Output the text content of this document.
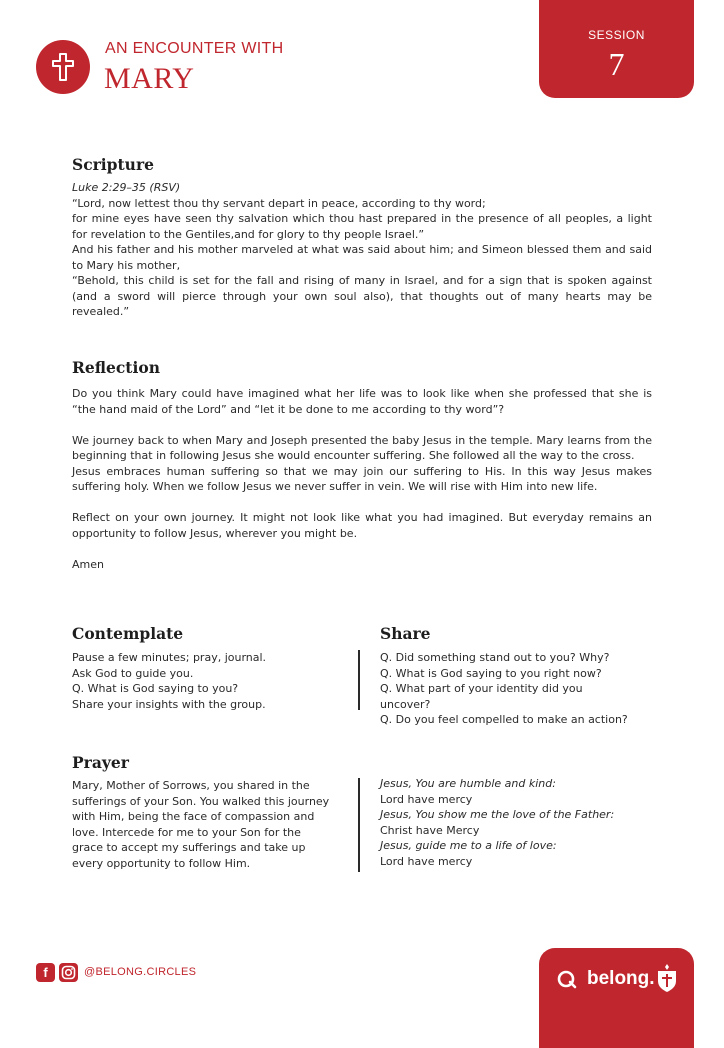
AN ENCOUNTER WITH
MARY
SESSION
7
Scripture

Luke 2:29–35 (RSV)

“Lord, now lettest thou thy servant depart in peace, according to thy word;

for mine eyes have seen thy salvation which thou hast prepared in the presence of all peoples, a light for revelation to the Gentiles,and for glory to thy people Israel.”

And his father and his mother marveled at what was said about him; and Simeon blessed them and said to Mary his mother,

“Behold, this child is set for the fall and rising of many in Israel, and for a sign that is spoken against (and a sword will pierce through your own soul also), that thoughts out of many hearts may be revealed.”

Reflection

Do you think Mary could have imagined what her life was to look like when she professed that she is “the hand maid of the Lord” and “let it be done to me according to thy word”?

We journey back to when Mary and Joseph presented the baby Jesus in the temple. Mary learns from the beginning that in following Jesus she would encounter suffering. She followed all the way to the cross.

Jesus embraces human suffering so that we may join our suffering to His. In this way Jesus makes suffering holy. When we follow Jesus we never suffer in vein. We will rise with Him into new life.

Reflect on your own journey. It might not look like what you had imagined. But everyday remains an opportunity to follow Jesus, wherever you might be.

Amen

Contemplate

Pause a few minutes; pray, journal.

Ask God to guide you.

Q. What is God saying to you?

Share your insights with the group.

Share

Q. Did something stand out to you? Why?

Q. What is God saying to you right now?

Q. What part of your identity did you uncover?

Q. Do you feel compelled to make an action?

Prayer
Mary, Mother of Sorrows, you shared in the sufferings of your Son. You walked this journey with Him, being the face of compassion and love. Intercede for me to your Son for the grace to accept my sufferings and take up every opportunity to follow Him.

Jesus, You are humble and kind:

Lord have mercy

Jesus, You show me the love of the Father:

Christ have Mercy

Jesus, guide me to a life of love:

Lord have mercy

f	@BELONG.CIRCLES	belong.
